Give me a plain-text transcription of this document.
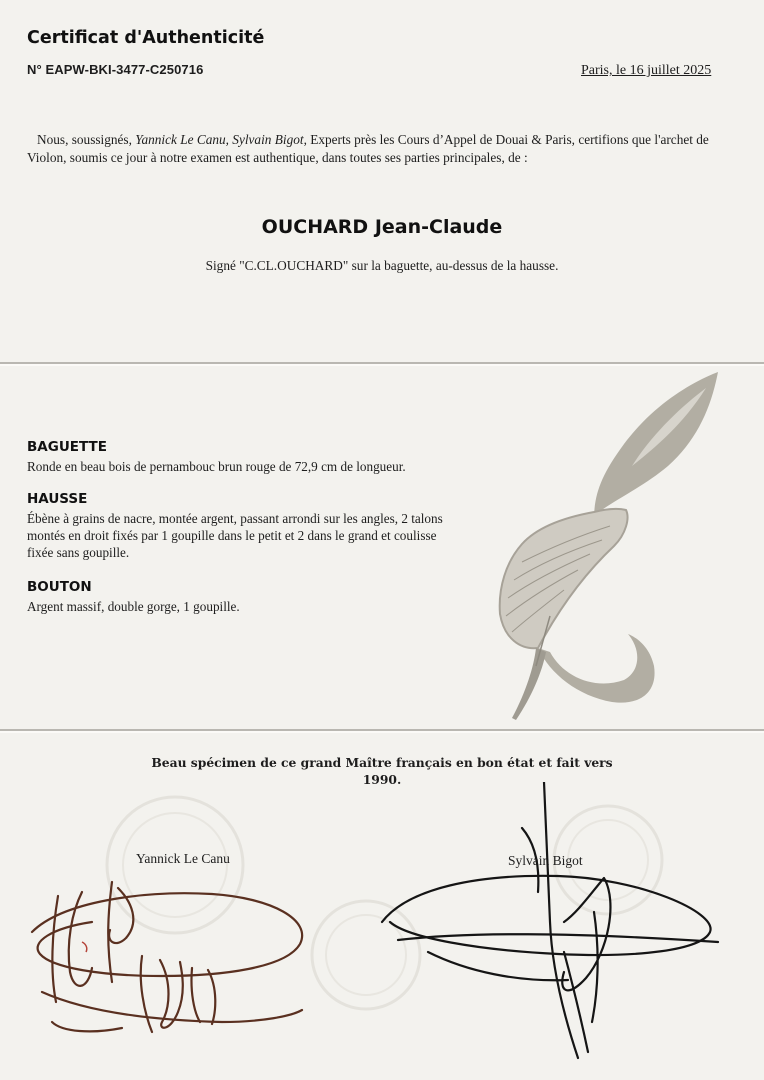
Certificat d'Authenticité
N° EAPW-BKI-3477-C250716	Paris, le 16 juillet 2025
Nous, soussignés, Yannick Le Canu, Sylvain Bigot, Experts près les Cours d’Appel de Douai & Paris, certifions que l'archet de Violon, soumis ce jour à notre examen est authentique, dans toutes ses parties principales, de :
OUCHARD Jean-Claude
Signé "C.CL.OUCHARD" sur la baguette, au-dessus de la hausse.
BAGUETTE
Ronde en beau bois de pernambouc brun rouge de 72,9 cm de longueur.
HAUSSE
Ébène à grains de nacre, montée argent, passant arrondi sur les angles, 2 talons
montés en droit fixés par 1 goupille dans le petit et 2 dans le grand et coulisse
fixée sans goupille.
BOUTON
Argent massif, double gorge, 1 goupille.
Beau spécimen de ce grand Maître français en bon état et fait vers
1990.
Yannick Le Canu	Sylvain Bigot
